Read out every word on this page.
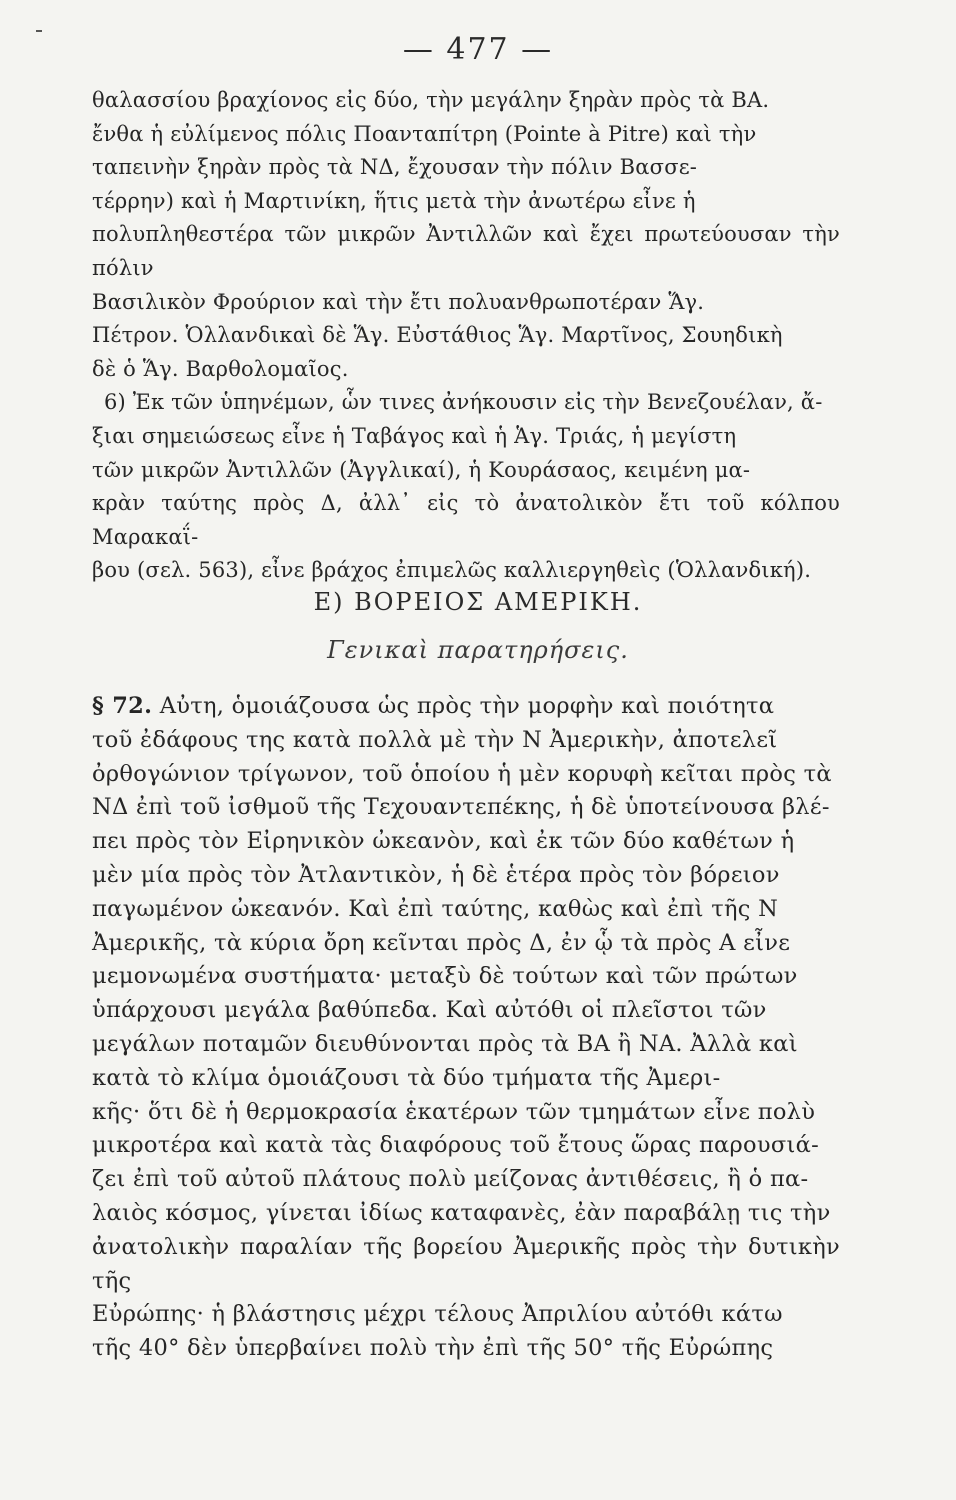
— 477 —

θαλασσίου βραχίονος εἰς δύο, τὴν μεγάλην ξηρὰν πρὸς τὰ ΒΑ.

ἔνθα ἡ εὐλίμενος πόλις Ποανταπίτρη (Pointe à Pitre) καὶ τὴν

ταπεινὴν ξηρὰν πρὸς τὰ ΝΔ, ἔχουσαν τὴν πόλιν Βασσε-

τέρρην) καὶ ἡ Μαρτινίκη, ἥτις μετὰ τὴν ἀνωτέρω εἶνε ἡ

πολυπληθεστέρα τῶν μικρῶν Ἀντιλλῶν καὶ ἔχει πρωτεύουσαν τὴν πόλιν

Βασιλικὸν Φρούριον καὶ τὴν ἔτι πολυανθρωποτέραν Ἅγ.

Πέτρον. Ὁλλανδικαὶ δὲ Ἅγ. Εὐστάθιος Ἅγ. Μαρτῖνος, Σουηδικὴ

δὲ ὁ Ἅγ. Βαρθολομαῖος.

6) Ἐκ τῶν ὑπηνέμων, ὧν τινες ἀνήκουσιν εἰς τὴν Βενεζουέλαν, ἄ-

ξιαι σημειώσεως εἶνε ἡ Ταβάγος καὶ ἡ Ἁγ. Τριάς, ἡ μεγίστη

τῶν μικρῶν Ἀντιλλῶν (Ἀγγλικαί), ἡ Κουράσαος, κειμένη μα-

κρὰν ταύτης πρὸς Δ, ἀλλ᾽ εἰς τὸ ἀνατολικὸν ἔτι τοῦ κόλπου Μαρακαΐ-

βου (σελ. 563), εἶνε βράχος ἐπιμελῶς καλλιεργηθεὶς (Ὁλλανδική).

Ε) ΒΟΡΕΙΟΣ ΑΜΕΡΙΚΗ.
Γενικαὶ παρατηρήσεις.

§ 72. Αὐτη, ὁμοιάζουσα ὡς πρὸς τὴν μορφὴν καὶ ποιότητα

τοῦ ἐδάφους της κατὰ πολλὰ μὲ τὴν Ν Ἀμερικὴν, ἀποτελεῖ

ὀρθογώνιον τρίγωνον, τοῦ ὁποίου ἡ μὲν κορυφὴ κεῖται πρὸς τὰ

ΝΔ ἐπὶ τοῦ ἰσθμοῦ τῆς Τεχουαντεπέκης, ἡ δὲ ὑποτείνουσα βλέ-

πει πρὸς τὸν Εἰρηνικὸν ὠκεανὸν, καὶ ἐκ τῶν δύο καθέτων ἡ

μὲν μία πρὸς τὸν Ἀτλαντικὸν, ἡ δὲ ἑτέρα πρὸς τὸν βόρειον

παγωμένον ὠκεανόν. Καὶ ἐπὶ ταύτης, καθὼς καὶ ἐπὶ τῆς Ν

Ἀμερικῆς, τὰ κύρια ὄρη κεῖνται πρὸς Δ, ἐν ᾧ τὰ πρὸς Α εἶνε

μεμονωμένα συστήματα· μεταξὺ δὲ τούτων καὶ τῶν πρώτων

ὑπάρχουσι μεγάλα βαθύπεδα. Καὶ αὐτόθι οἱ πλεῖστοι τῶν

μεγάλων ποταμῶν διευθύνονται πρὸς τὰ ΒΑ ἢ ΝΑ. Ἀλλὰ καὶ

κατὰ τὸ κλίμα ὁμοιάζουσι τὰ δύο τμήματα τῆς Ἀμερι-

κῆς· ὅτι δὲ ἡ θερμοκρασία ἑκατέρων τῶν τμημάτων εἶνε πολὺ

μικροτέρα καὶ κατὰ τὰς διαφόρους τοῦ ἔτους ὥρας παρουσιά-

ζει ἐπὶ τοῦ αὐτοῦ πλάτους πολὺ μείζονας ἀντιθέσεις, ἢ ὁ πα-

λαιὸς κόσμος, γίνεται ἰδίως καταφανὲς, ἐὰν παραβάλῃ τις τὴν

ἀνατολικὴν παραλίαν τῆς βορείου Ἀμερικῆς πρὸς τὴν δυτικὴν τῆς

Εὐρώπης· ἡ βλάστησις μέχρι τέλους Ἀπριλίου αὐτόθι κάτω

τῆς 40° δὲν ὑπερβαίνει πολὺ τὴν ἐπὶ τῆς 50° τῆς Εὐρώπης
